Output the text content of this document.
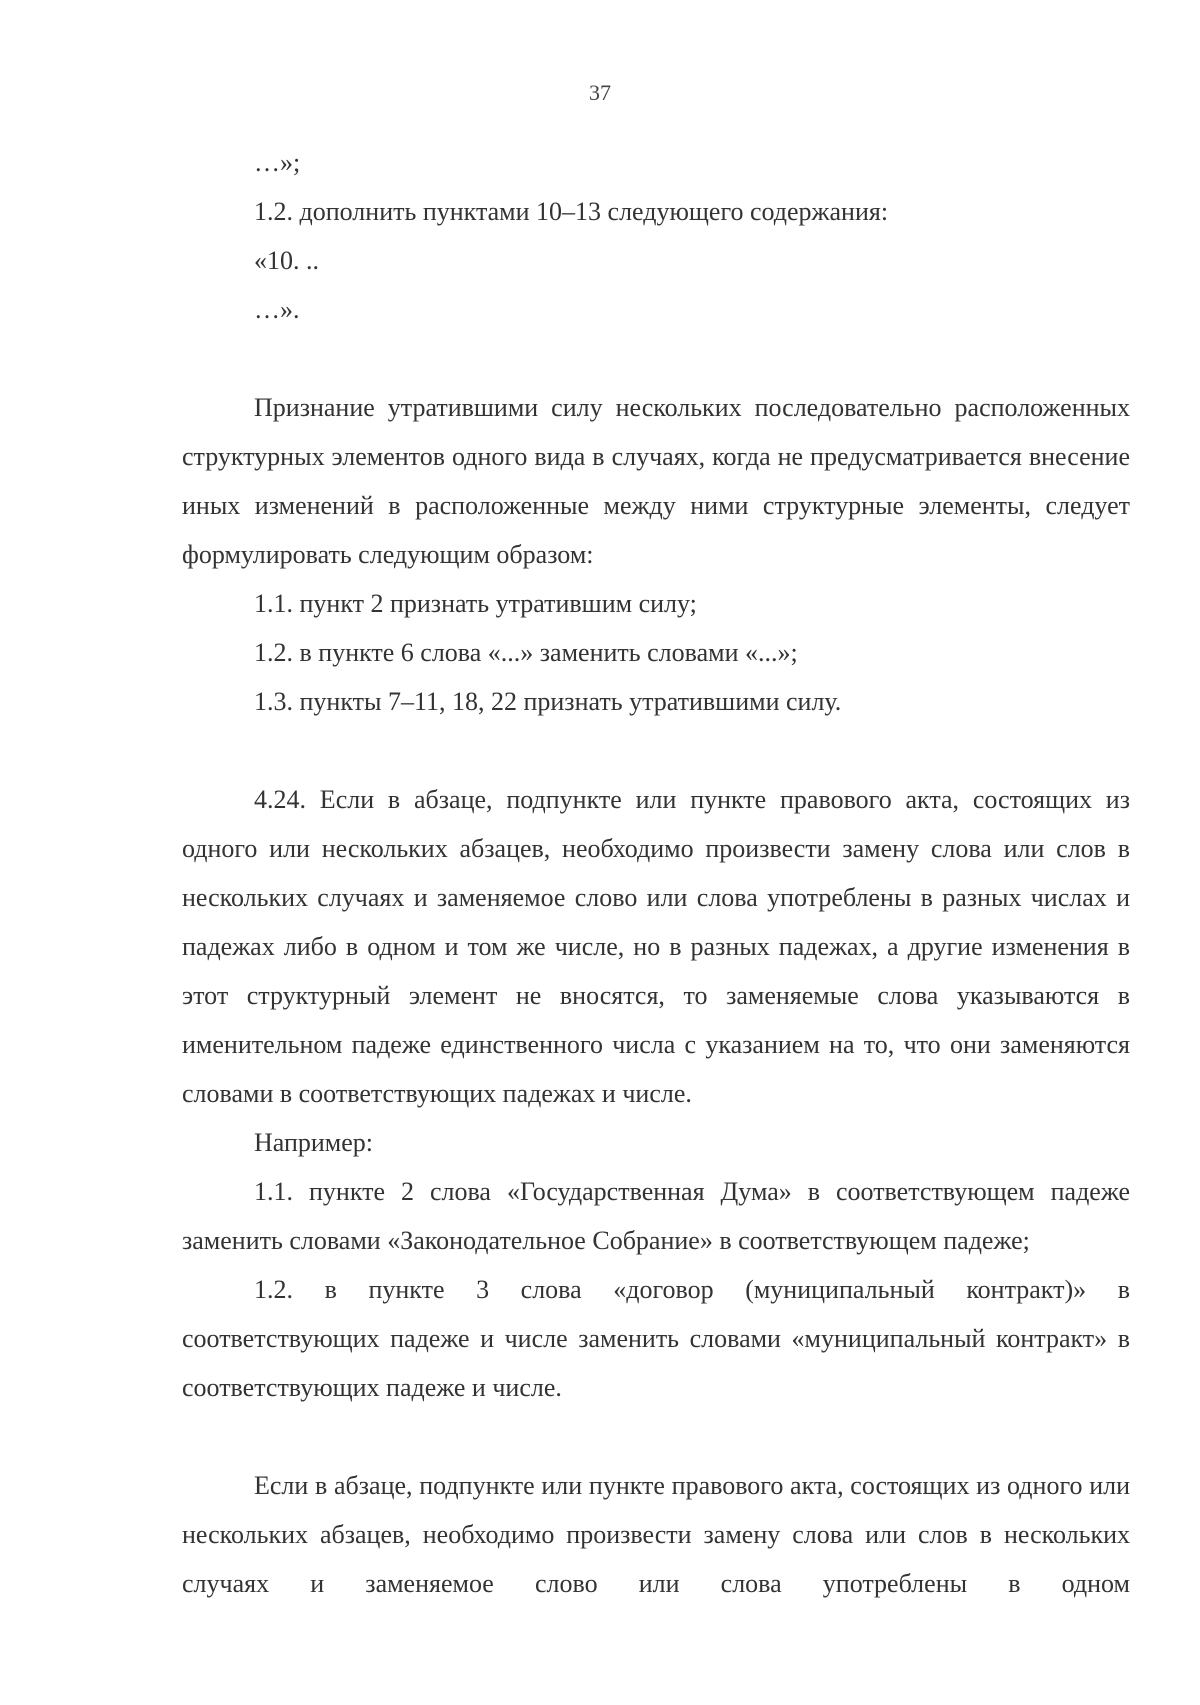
37

…»;

1.2. дополнить пунктами 10–13 следующего содержания:

«10. ..

…».

Признание утратившими силу нескольких последовательно расположенных структурных элементов одного вида в случаях, когда не предусматривается внесение иных изменений в расположенные между ними структурные элементы, следует формулировать следующим образом:

1.1. пункт 2 признать утратившим силу;

1.2. в пункте 6 слова «...» заменить словами «...»;

1.3. пункты 7–11, 18, 22 признать утратившими силу.

4.24. Если в абзаце, подпункте или пункте правового акта, состоящих из одного или нескольких абзацев, необходимо произвести замену слова или слов в нескольких случаях и заменяемое слово или слова употреблены в разных числах и падежах либо в одном и том же числе, но в разных падежах, а другие изменения в этот структурный элемент не вносятся, то заменяемые слова указываются в именительном падеже единственного числа с указанием на то, что они заменяются словами в соответствующих падежах и числе.

Например:

1.1. пункте 2 слова «Государственная Дума» в соответствующем падеже заменить словами «Законодательное Собрание» в соответствующем падеже;

1.2. в пункте 3 слова «договор (муниципальный контракт)» в соответствующих падеже и числе заменить словами «муниципальный контракт» в соответствующих падеже и числе.

Если в абзаце, подпункте или пункте правового акта, состоящих из одного или нескольких абзацев, необходимо произвести замену слова или слов в нескольких случаях и заменяемое слово или слова употреблены в одном
